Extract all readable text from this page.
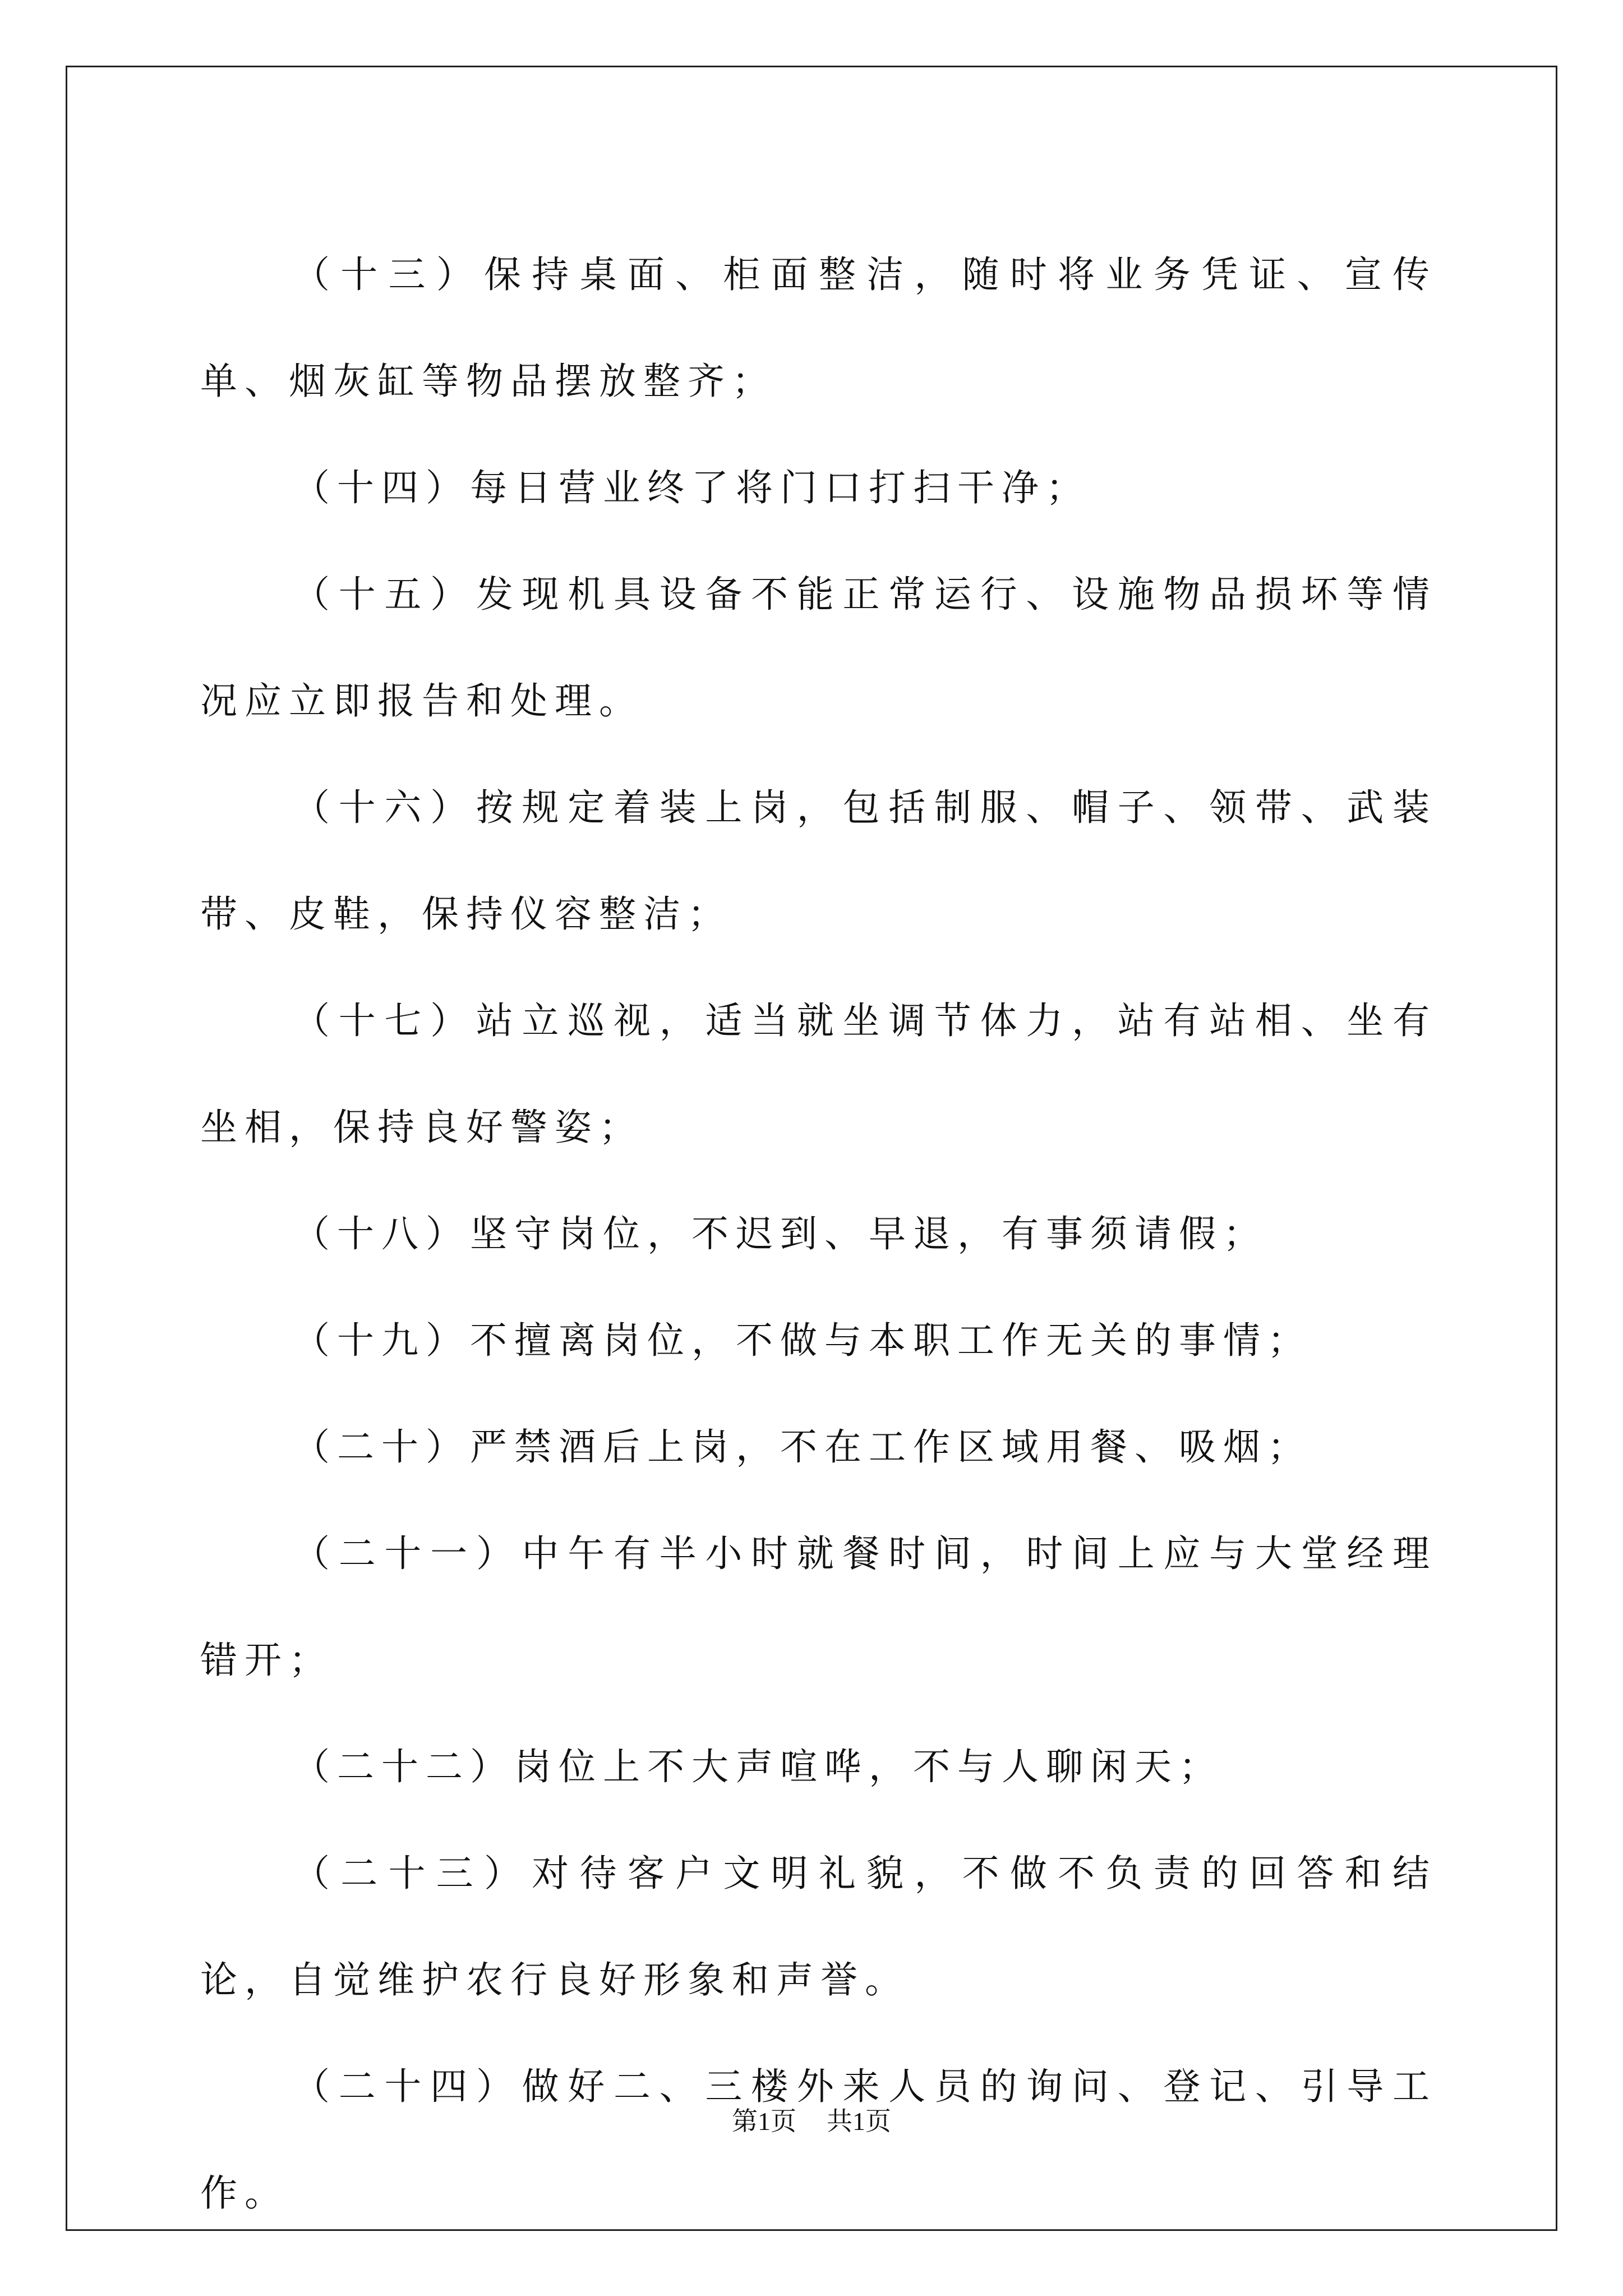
（十三）保持桌面、柜面整洁，随时将业务凭证、宣传单、烟灰缸等物品摆放整齐；

（十四）每日营业终了将门口打扫干净；

（十五）发现机具设备不能正常运行、设施物品损坏等情况应立即报告和处理。

（十六）按规定着装上岗，包括制服、帽子、领带、武装带、皮鞋，保持仪容整洁；

（十七）站立巡视，适当就坐调节体力，站有站相、坐有坐相，保持良好警姿；

（十八）坚守岗位，不迟到、早退，有事须请假；

（十九）不擅离岗位，不做与本职工作无关的事情；

（二十）严禁酒后上岗，不在工作区域用餐、吸烟；

（二十一）中午有半小时就餐时间，时间上应与大堂经理错开；

（二十二）岗位上不大声喧哗，不与人聊闲天；

（二十三）对待客户文明礼貌，不做不负责的回答和结论，自觉维护农行良好形象和声誉。

（二十四）做好二、三楼外来人员的询问、登记、引导工作。

第1页 共1页
